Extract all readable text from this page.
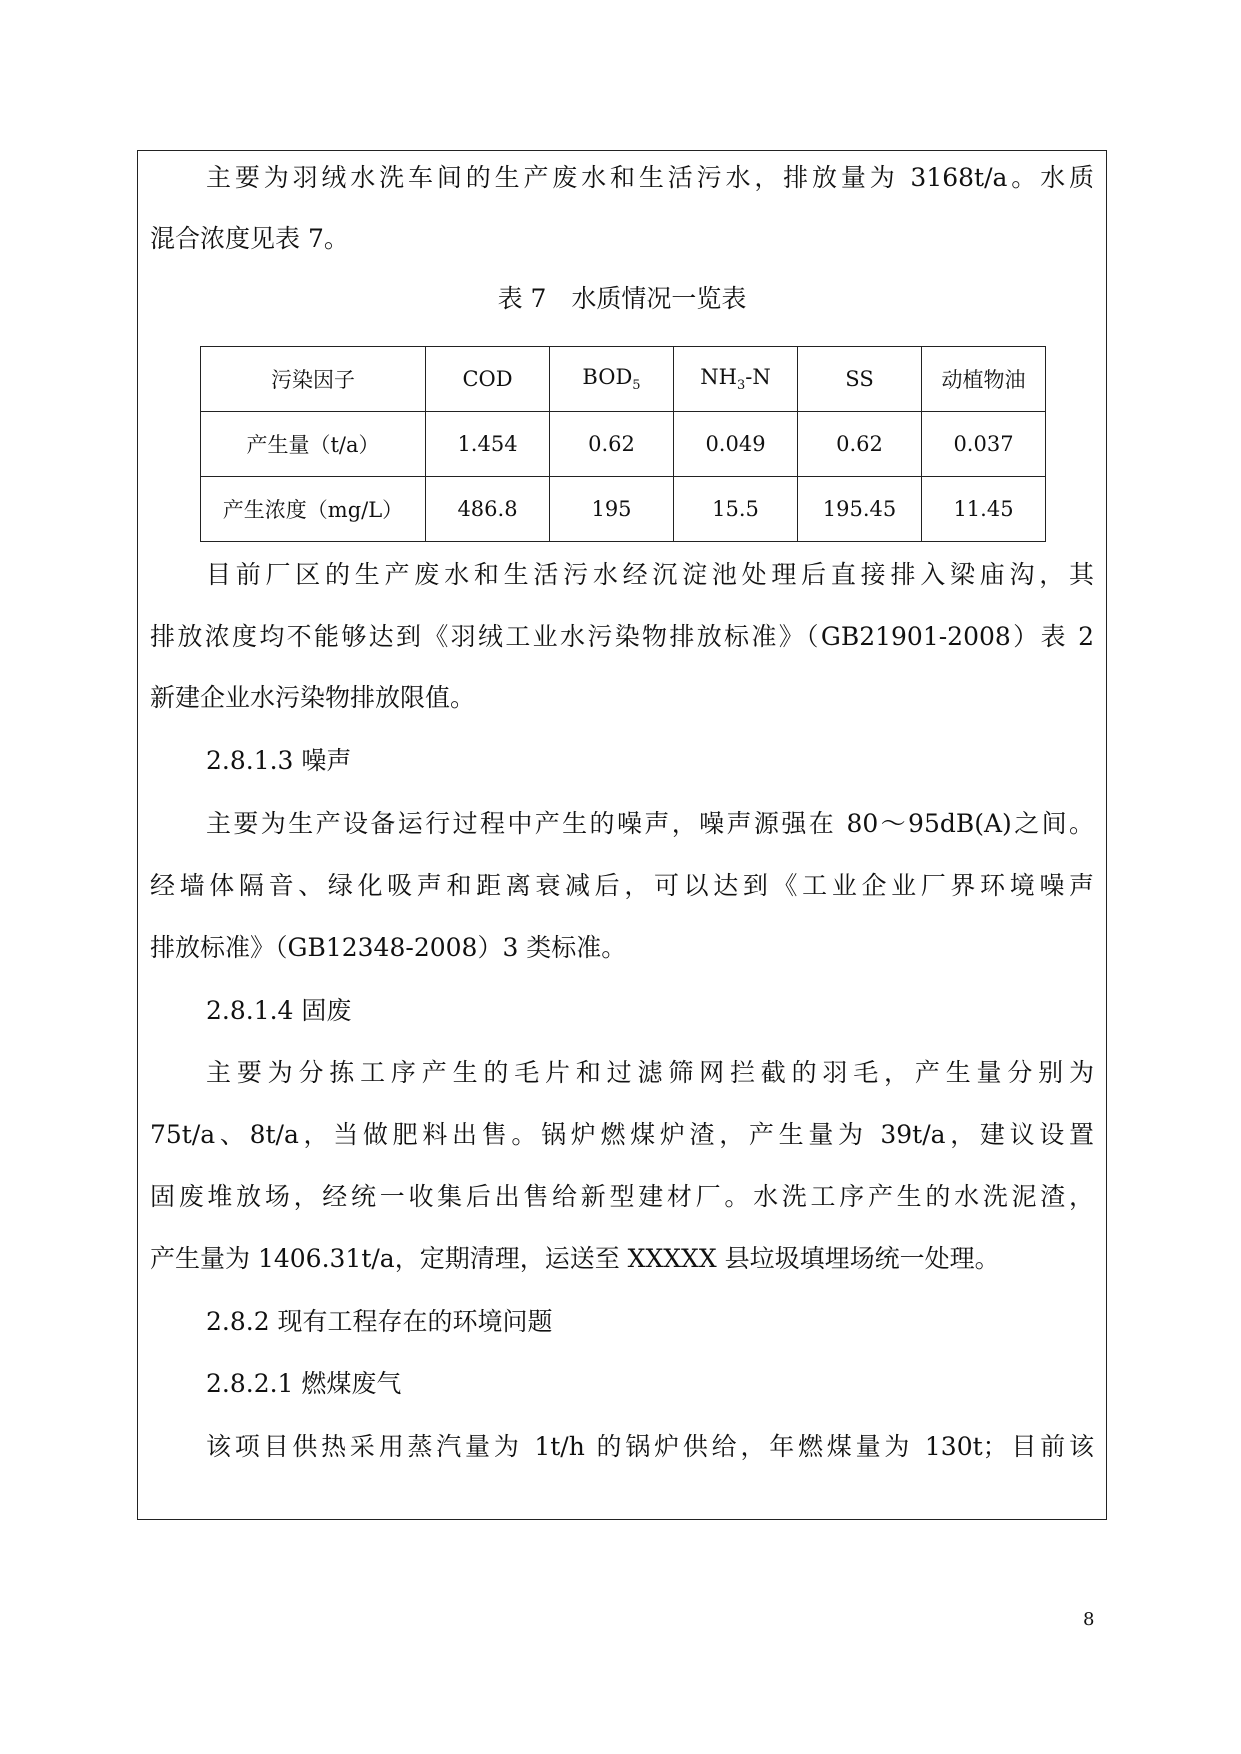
主要为羽绒水洗车间的生产废水和生活污水，排放量为 3168t/a。水质
混合浓度见表 7。
表 7　水质情况一览表
污染因子	COD	$BOD_5$	$NH_3-N$	SS	动植物油
产生量（t/a）	1.454	0.62	0.049	0.62	0.037
产生浓度（mg/L）	486.8	195	15.5	195.45	11.45
目前厂区的生产废水和生活污水经沉淀池处理后直接排入梁庙沟，其
排放浓度均不能够达到《羽绒工业水污染物排放标准》（GB21901-2008）表 2
新建企业水污染物排放限值。
2.8.1.3 噪声
主要为生产设备运行过程中产生的噪声，噪声源强在 80～95dB(A)之间。
经墙体隔音、绿化吸声和距离衰减后，可以达到《工业企业厂界环境噪声
排放标准》（GB12348-2008）3 类标准。
2.8.1.4 固废
主要为分拣工序产生的毛片和过滤筛网拦截的羽毛，产生量分别为
75t/a、8t/a，当做肥料出售。锅炉燃煤炉渣，产生量为 39t/a，建议设置
固废堆放场，经统一收集后出售给新型建材厂。水洗工序产生的水洗泥渣，
产生量为 1406.31t/a，定期清理，运送至 XXXXX 县垃圾填埋场统一处理。
2.8.2 现有工程存在的环境问题
2.8.2.1 燃煤废气
该项目供热采用蒸汽量为 1t/h 的锅炉供给，年燃煤量为 130t；目前该
8
